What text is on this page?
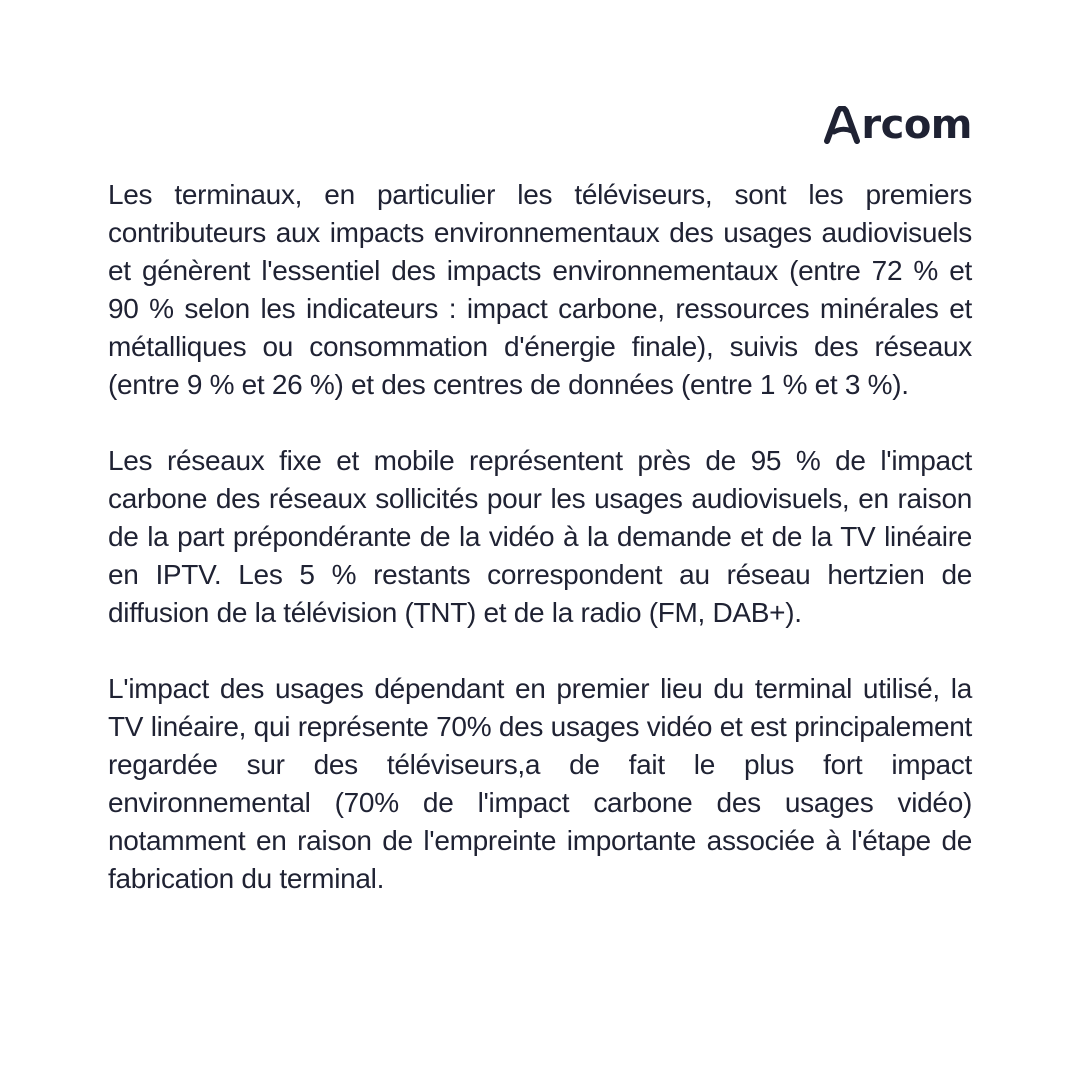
rcom

Les terminaux, en particulier les téléviseurs, sont les premiers contributeurs aux impacts environnementaux des usages audiovisuels et génèrent l'essentiel des impacts environnementaux (entre 72 % et 90 % selon les indicateurs : impact carbone, ressources minérales et métalliques ou consommation d'énergie finale), suivis des réseaux (entre 9 % et 26 %) et des centres de données (entre 1 % et 3 %).

Les réseaux fixe et mobile représentent près de 95 % de l'impact carbone des réseaux sollicités pour les usages audiovisuels, en raison de la part prépondérante de la vidéo à la demande et de la TV linéaire en IPTV. Les 5 % restants correspondent au réseau hertzien de diffusion de la télévision (TNT) et de la radio (FM, DAB+).

L'impact des usages dépendant en premier lieu du terminal utilisé, la TV linéaire, qui représente 70% des usages vidéo et est principalement regardée sur des téléviseurs,a de fait le plus fort impact environnemental (70% de l'impact carbone des usages vidéo) notamment en raison de l'empreinte importante associée à l'étape de fabrication du terminal.
